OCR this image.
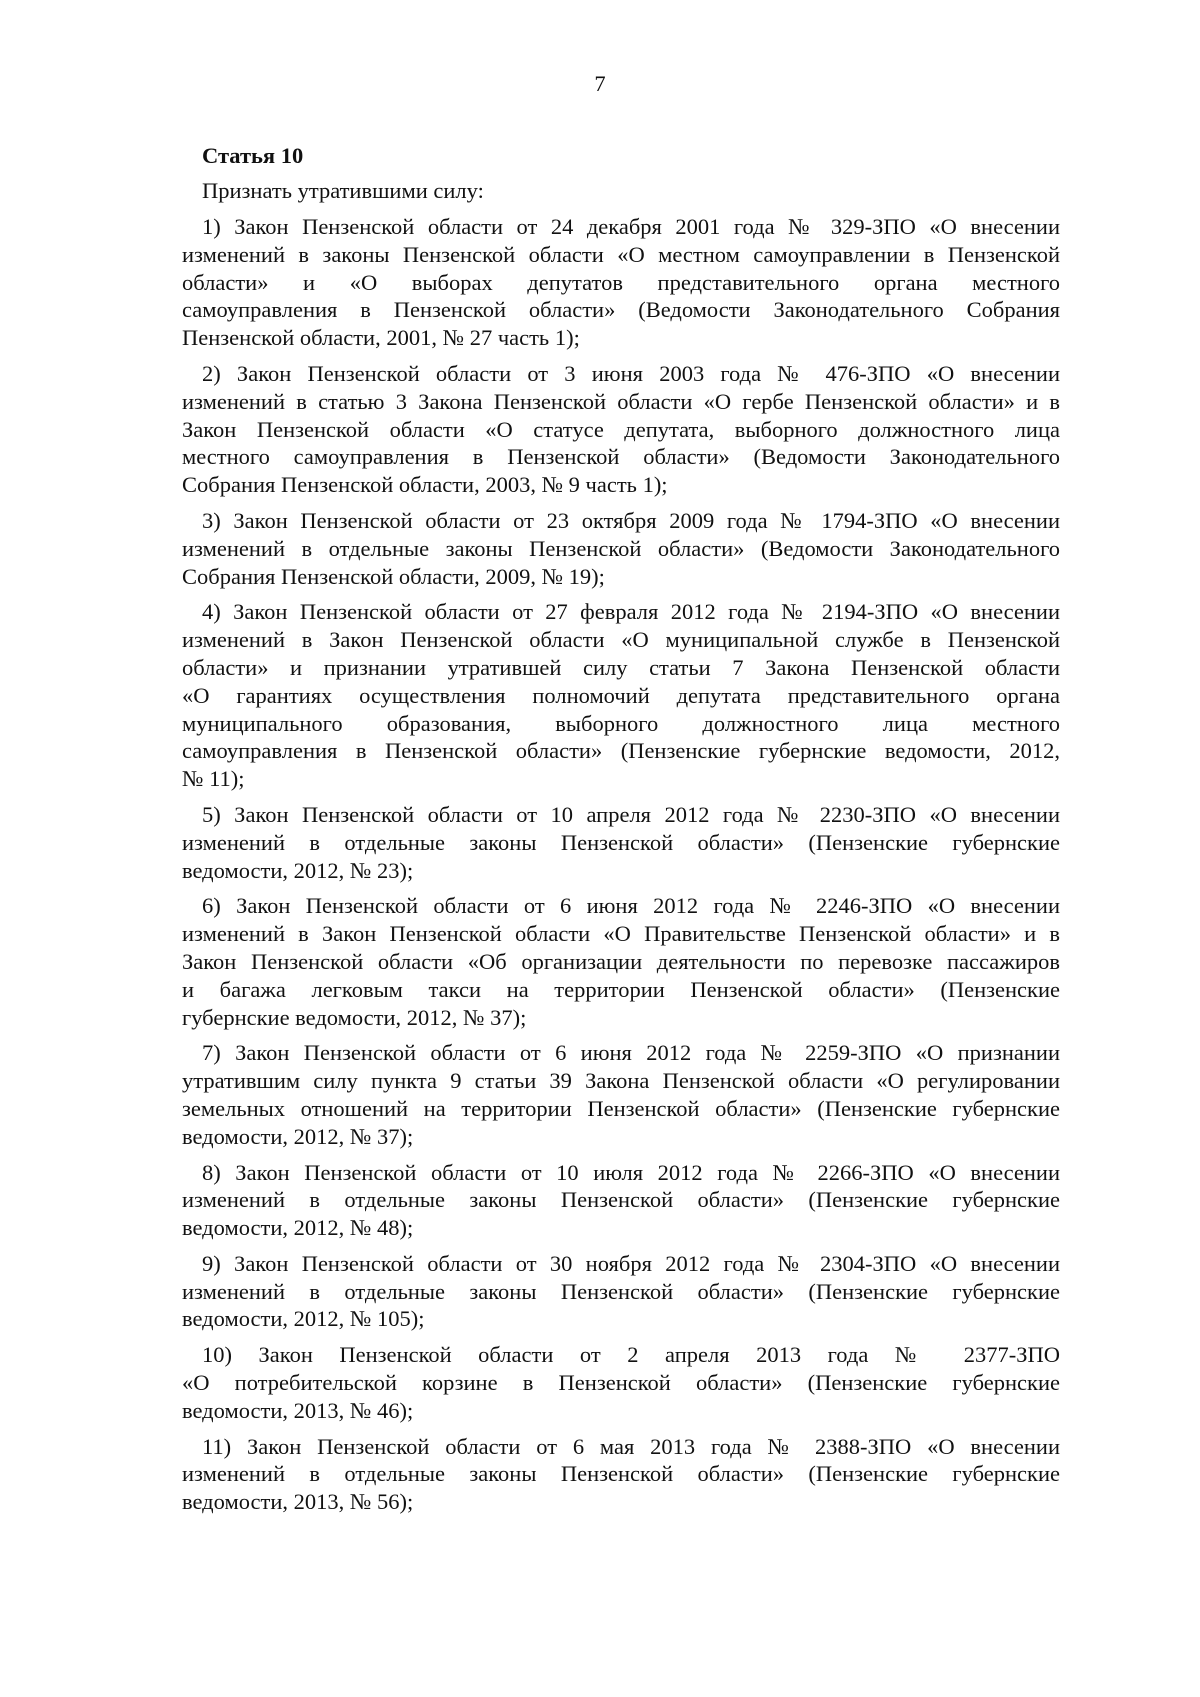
7
Статья 10
Признать утратившими силу:
1) Закон Пензенской области от 24 декабря 2001 года № 329-ЗПО «О внесении
изменений в законы Пензенской области «О местном самоуправлении в Пензенской
области» и «О выборах депутатов представительного органа местного
самоуправления в Пензенской области» (Ведомости Законодательного Собрания
Пензенской области, 2001, № 27 часть 1);
2) Закон Пензенской области от 3 июня 2003 года № 476-ЗПО «О внесении
изменений в статью 3 Закона Пензенской области «О гербе Пензенской области» и в
Закон Пензенской области «О статусе депутата, выборного должностного лица
местного самоуправления в Пензенской области» (Ведомости Законодательного
Собрания Пензенской области, 2003, № 9 часть 1);
3) Закон Пензенской области от 23 октября 2009 года № 1794-ЗПО «О внесении
изменений в отдельные законы Пензенской области» (Ведомости Законодательного
Собрания Пензенской области, 2009, № 19);
4) Закон Пензенской области от 27 февраля 2012 года № 2194-ЗПО «О внесении
изменений в Закон Пензенской области «О муниципальной службе в Пензенской
области» и признании утратившей силу статьи 7 Закона Пензенской области
«О гарантиях осуществления полномочий депутата представительного органа
муниципального образования, выборного должностного лица местного
самоуправления в Пензенской области» (Пензенские губернские ведомости, 2012,
№ 11);
5) Закон Пензенской области от 10 апреля 2012 года № 2230-ЗПО «О внесении
изменений в отдельные законы Пензенской области» (Пензенские губернские
ведомости, 2012, № 23);
6) Закон Пензенской области от 6 июня 2012 года № 2246-ЗПО «О внесении
изменений в Закон Пензенской области «О Правительстве Пензенской области» и в
Закон Пензенской области «Об организации деятельности по перевозке пассажиров
и багажа легковым такси на территории Пензенской области» (Пензенские
губернские ведомости, 2012, № 37);
7) Закон Пензенской области от 6 июня 2012 года № 2259-ЗПО «О признании
утратившим силу пункта 9 статьи 39 Закона Пензенской области «О регулировании
земельных отношений на территории Пензенской области» (Пензенские губернские
ведомости, 2012, № 37);
8) Закон Пензенской области от 10 июля 2012 года № 2266-ЗПО «О внесении
изменений в отдельные законы Пензенской области» (Пензенские губернские
ведомости, 2012, № 48);
9) Закон Пензенской области от 30 ноября 2012 года № 2304-ЗПО «О внесении
изменений в отдельные законы Пензенской области» (Пензенские губернские
ведомости, 2012, № 105);
10) Закон Пензенской области от 2 апреля 2013 года № 2377-ЗПО
«О потребительской корзине в Пензенской области» (Пензенские губернские
ведомости, 2013, № 46);
11) Закон Пензенской области от 6 мая 2013 года № 2388-ЗПО «О внесении
изменений в отдельные законы Пензенской области» (Пензенские губернские
ведомости, 2013, № 56);
